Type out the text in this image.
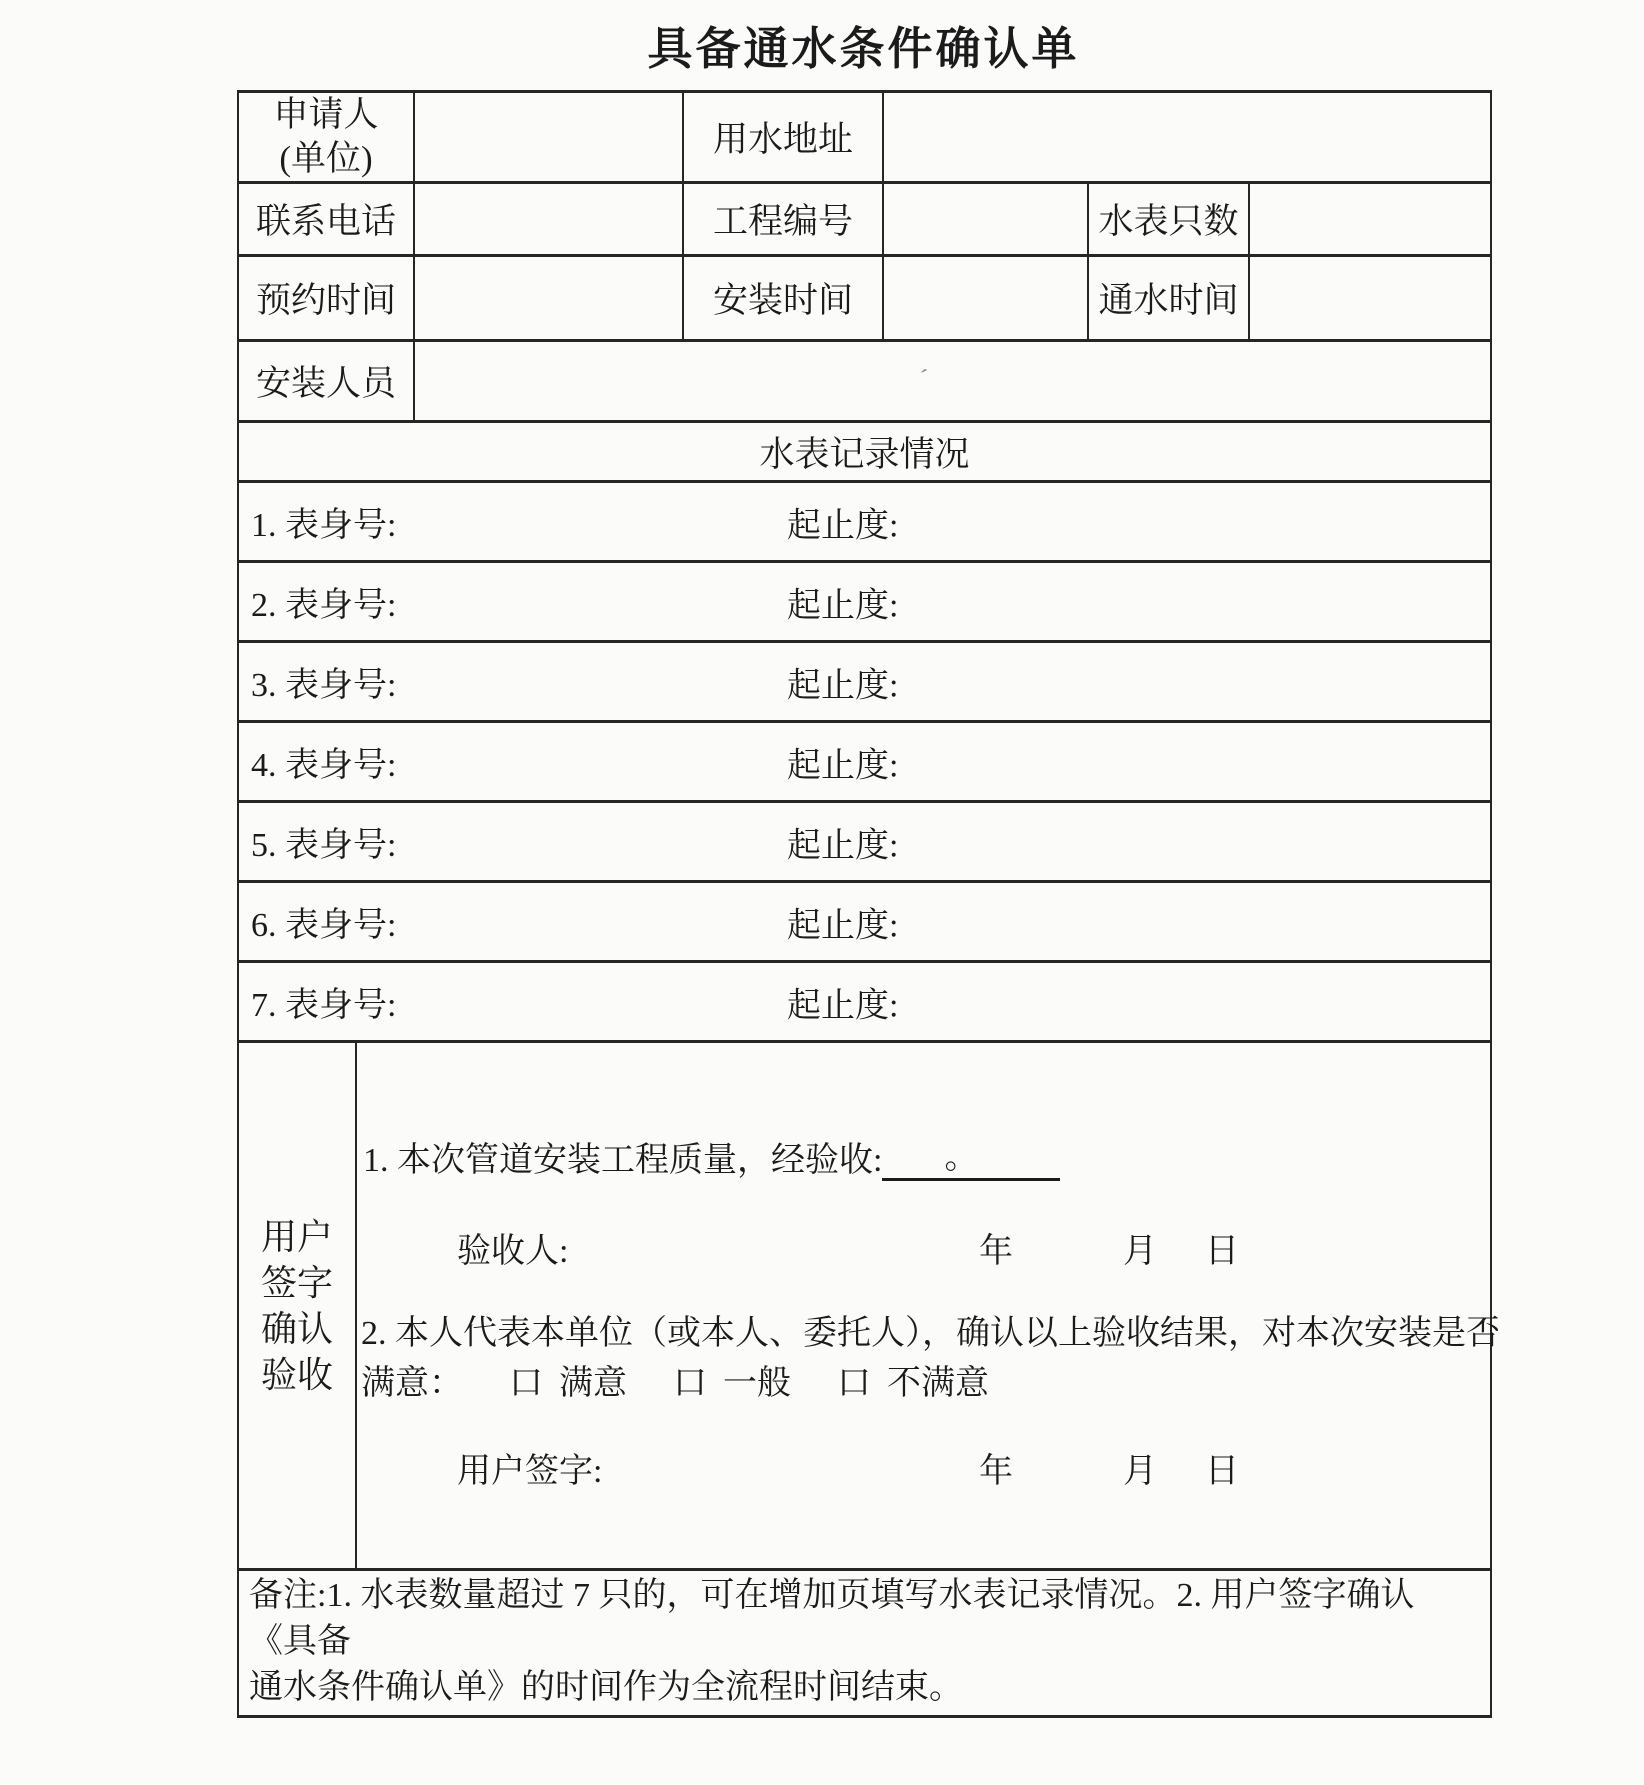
具备通水条件确认单
申请人
(单位)			用水地址			
联系电话			工程编号		水表只数	
预约时间			安装时间		通水时间	
安装人员		ˊ				

水表记录情况						
1. 表身号: 起止度:						

2. 表身号: 起止度:						

3. 表身号: 起止度:						

4. 表身号: 起止度:						

5. 表身号: 起止度:						

6. 表身号: 起止度:						

7. 表身号: 起止度:						

用户
签字
确认
验收

1. 本次管道安装工程质量，经验收: 。
验收人:	年	月 日
2. 本人代表本单位（或本人、委托人），确认以上验收结果，对本次安装是否
满意： 口 满意 口 一般 口 不满意
用户签字:	年	月 日

备注:1. 水表数量超过 7 只的，可在增加页填写水表记录情况。2. 用户签字确认《具备
通水条件确认单》的时间作为全流程时间结束。						
